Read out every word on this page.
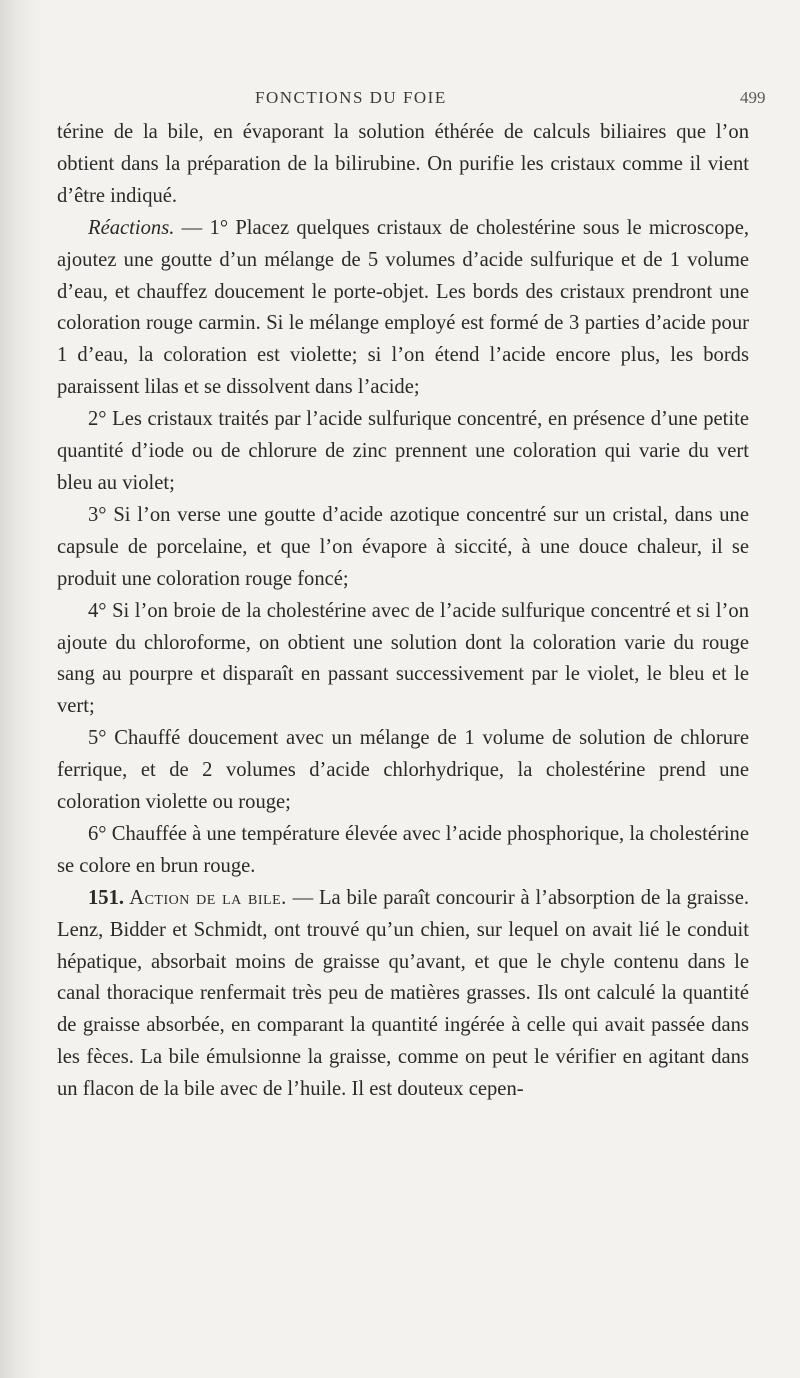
FONCTIONS DU FOIE	499

térine de la bile, en évaporant la solution éthérée de calculs biliaires que l’on obtient dans la préparation de la bilirubine. On purifie les cristaux comme il vient d’être indiqué.

Réactions. — 1° Placez quelques cristaux de cholestérine sous le microscope, ajoutez une goutte d’un mélange de 5 volumes d’acide sulfurique et de 1 volume d’eau, et chauffez doucement le porte-objet. Les bords des cristaux prendront une coloration rouge carmin. Si le mélange employé est formé de 3 parties d’acide pour 1 d’eau, la coloration est violette; si l’on étend l’acide encore plus, les bords paraissent lilas et se dissolvent dans l’acide;

2° Les cristaux traités par l’acide sulfurique concentré, en présence d’une petite quantité d’iode ou de chlorure de zinc prennent une coloration qui varie du vert bleu au violet;

3° Si l’on verse une goutte d’acide azotique concentré sur un cristal, dans une capsule de porcelaine, et que l’on évapore à siccité, à une douce chaleur, il se produit une coloration rouge foncé;

4° Si l’on broie de la cholestérine avec de l’acide sulfurique concentré et si l’on ajoute du chloroforme, on obtient une solution dont la coloration varie du rouge sang au pourpre et disparaît en passant successivement par le violet, le bleu et le vert;

5° Chauffé doucement avec un mélange de 1 volume de solution de chlorure ferrique, et de 2 volumes d’acide chlorhydrique, la cholestérine prend une coloration violette ou rouge;

6° Chauffée à une température élevée avec l’acide phosphorique, la cholestérine se colore en brun rouge.

151. Action de la bile. — La bile paraît concourir à l’absorption de la graisse. Lenz, Bidder et Schmidt, ont trouvé qu’un chien, sur lequel on avait lié le conduit hépatique, absorbait moins de graisse qu’avant, et que le chyle contenu dans le canal thoracique renfermait très peu de matières grasses. Ils ont calculé la quantité de graisse absorbée, en comparant la quantité ingérée à celle qui avait passée dans les fèces. La bile émulsionne la graisse, comme on peut le vérifier en agitant dans un flacon de la bile avec de l’huile. Il est douteux cepen-
